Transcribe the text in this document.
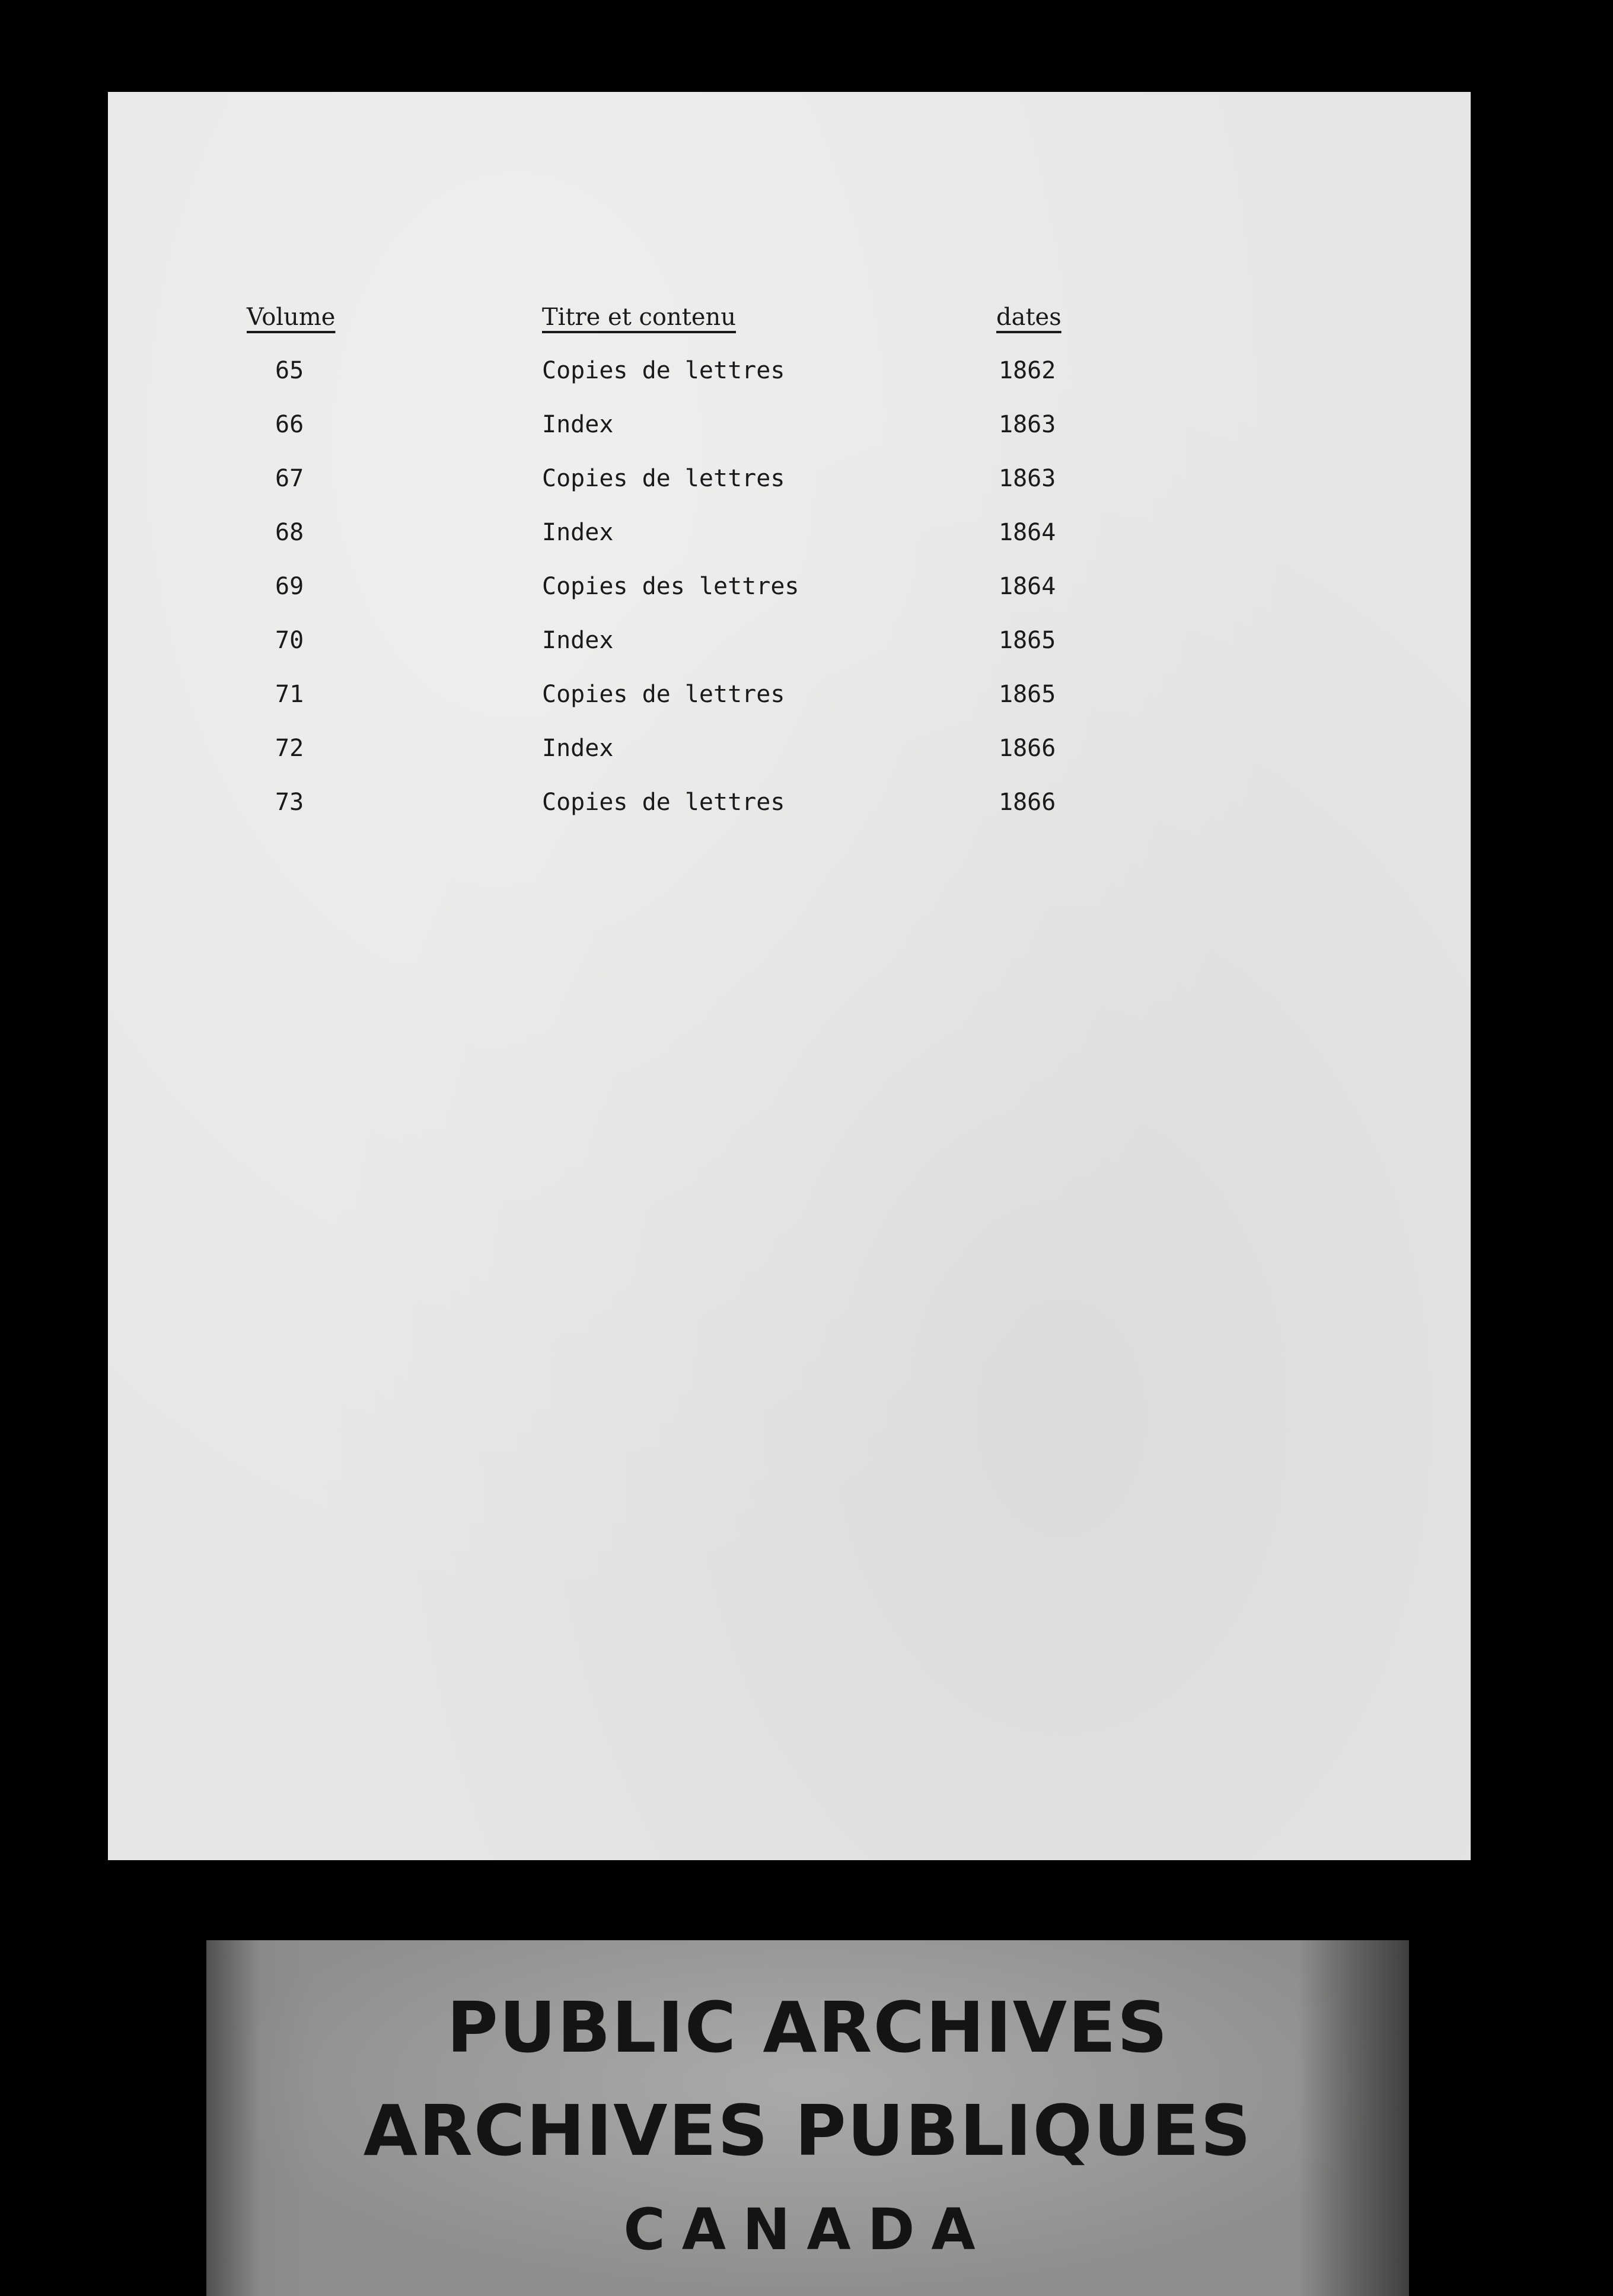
Volume	Titre et contenu	dates
65	Copies de lettres	1862
66	Index	1863
67	Copies de lettres	1863
68	Index	1864
69	Copies des lettres	1864
70	Index	1865
71	Copies de lettres	1865
72	Index	1866
73	Copies de lettres	1866
PUBLIC ARCHIVES
ARCHIVES PUBLIQUES
CANADA
